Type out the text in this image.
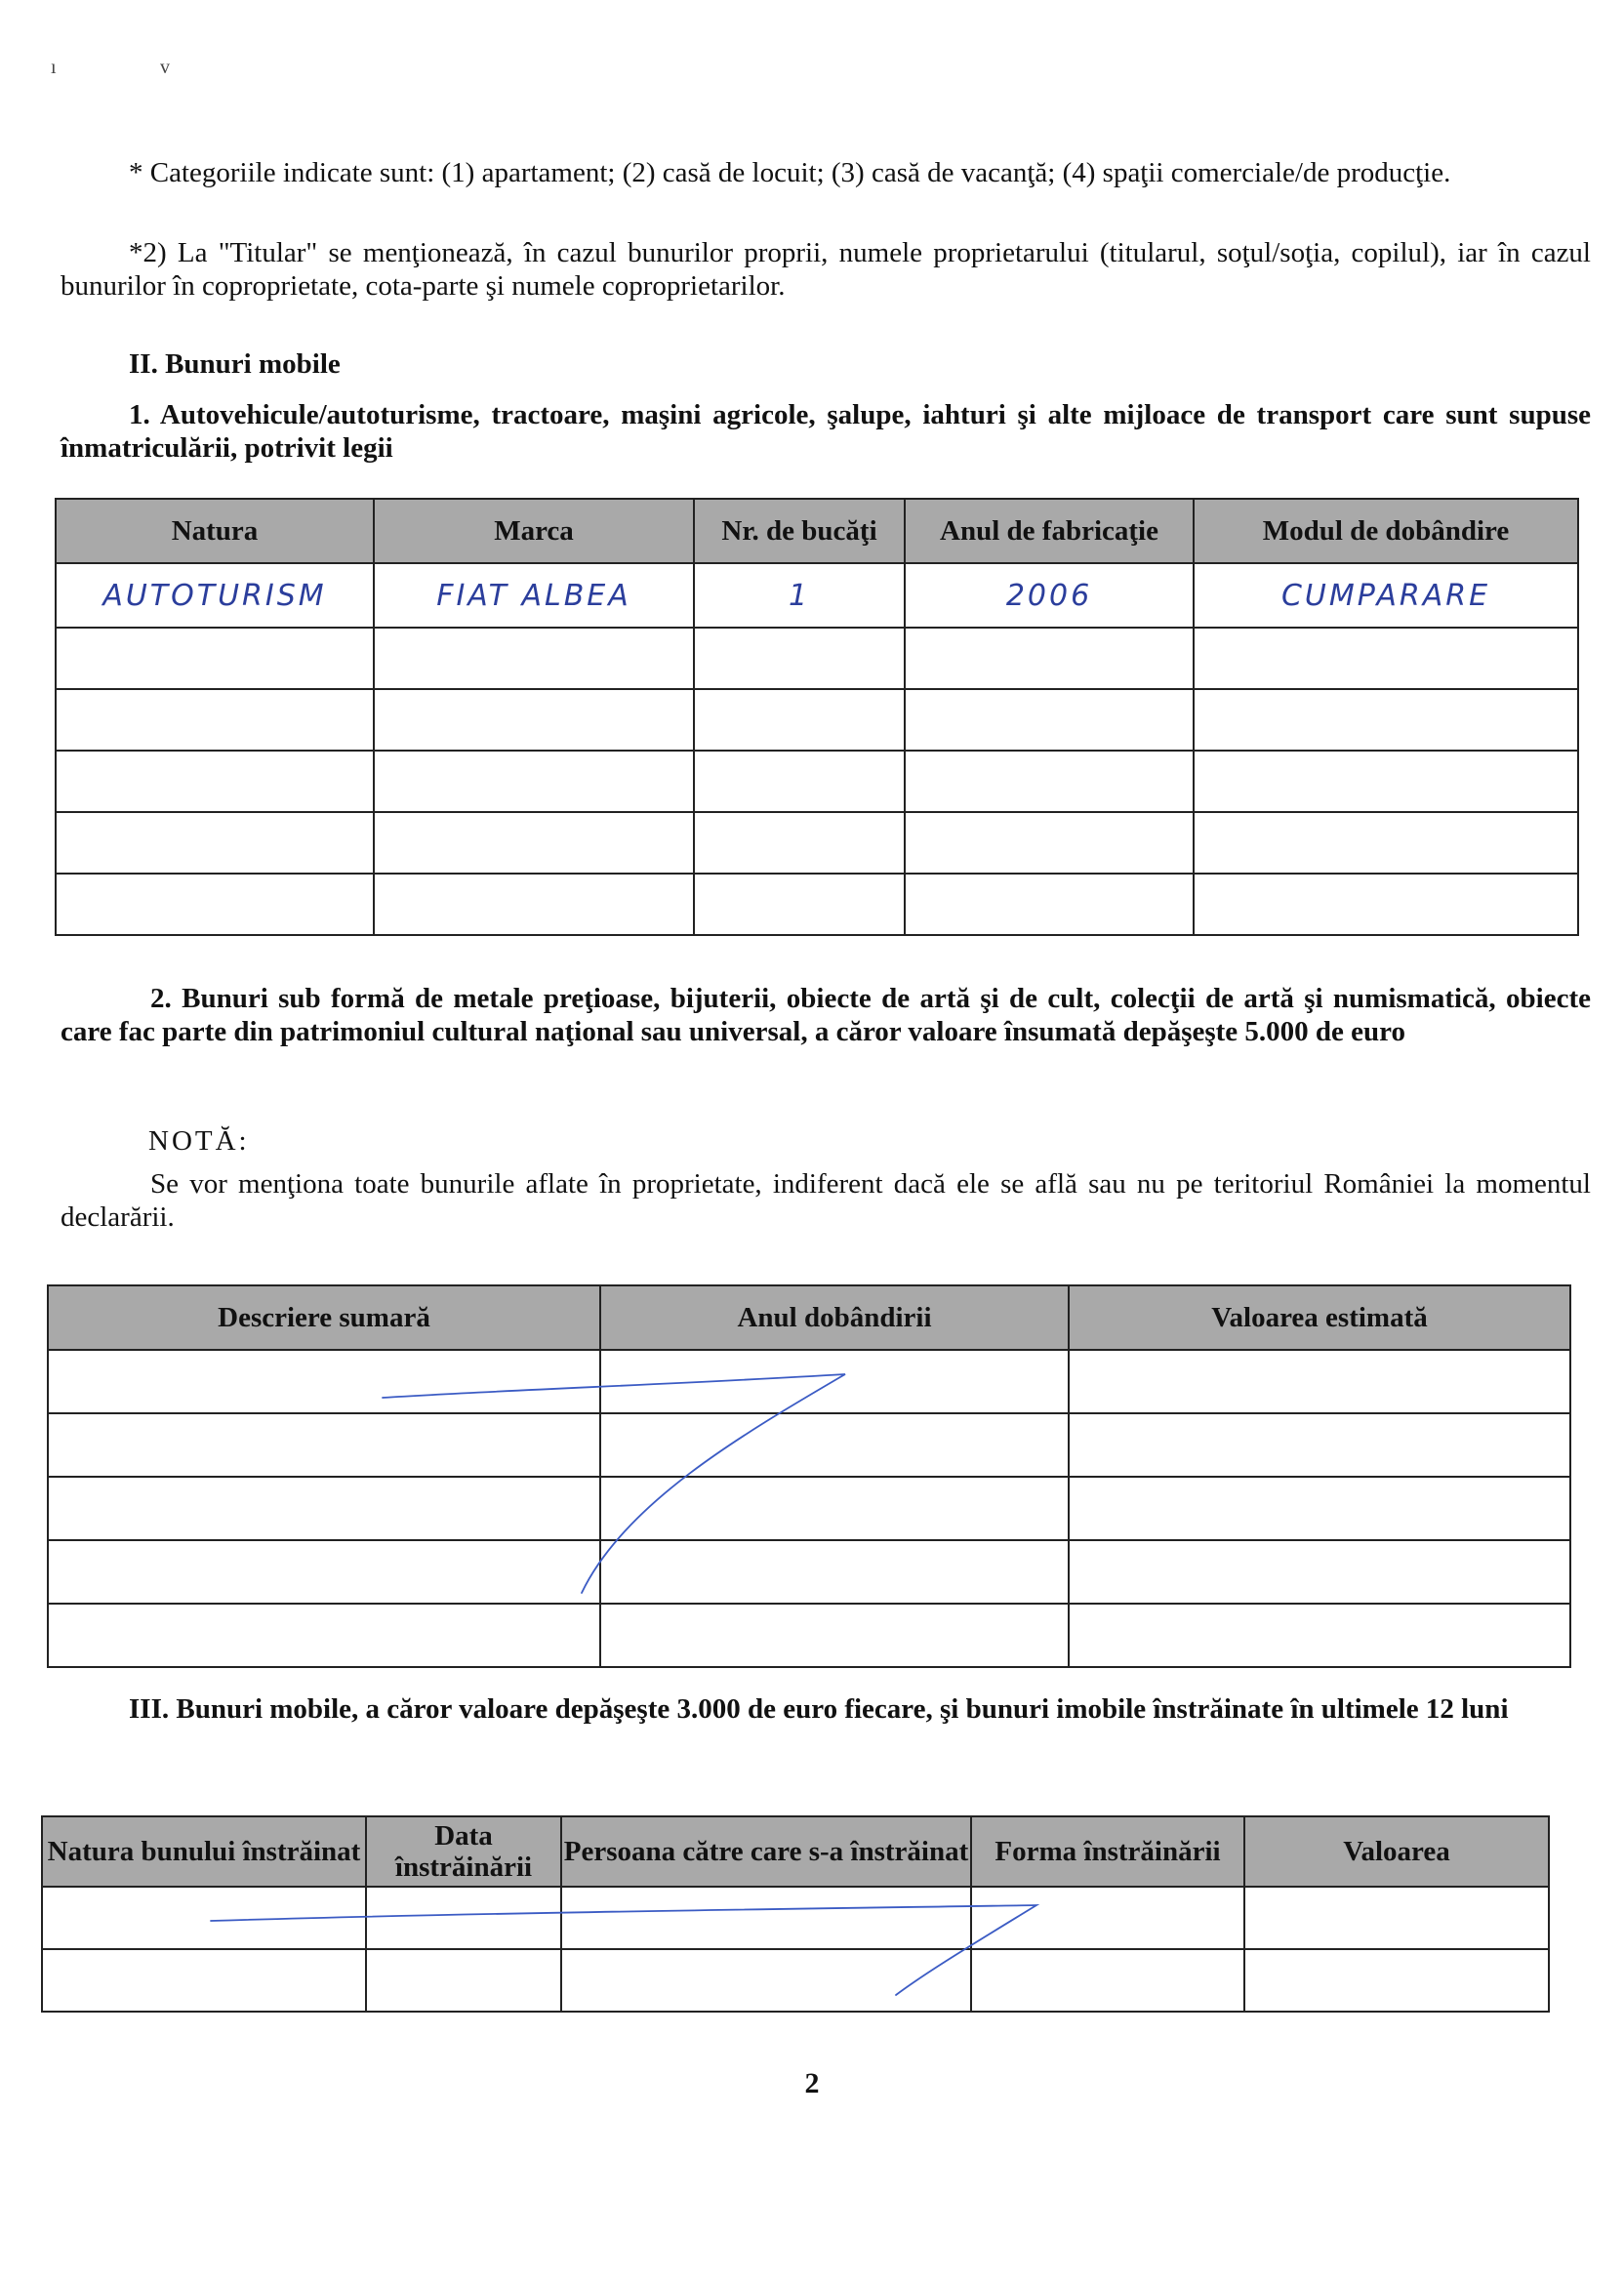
ı	v

* Categoriile indicate sunt: (1) apartament; (2) casă de locuit; (3) casă de vacanţă; (4) spaţii comerciale/de producţie.

*2) La "Titular" se menţionează, în cazul bunurilor proprii, numele proprietarului (titularul, soţul/soţia, copilul), iar în cazul bunurilor în coproprietate, cota-parte şi numele coproprietarilor.

II. Bunuri mobile

1. Autovehicule/autoturisme, tractoare, maşini agricole, şalupe, iahturi şi alte mijloace de transport care sunt supuse înmatriculării, potrivit legii

Natura	Marca	Nr. de bucăţi	Anul de fabricaţie	Modul de dobândire
AUTOTURISM	FIAT ALBEA	1	2006	CUMPARARE

2. Bunuri sub formă de metale preţioase, bijuterii, obiecte de artă şi de cult, colecţii de artă şi numismatică, obiecte care fac parte din patrimoniul cultural naţional sau universal, a căror valoare însumată depăşeşte 5.000 de euro

NOTĂ:

Se vor menţiona toate bunurile aflate în proprietate, indiferent dacă ele se află sau nu pe teritoriul României la momentul declarării.

Descriere sumară	Anul dobândirii	Valoarea estimată

III. Bunuri mobile, a căror valoare depăşeşte 3.000 de euro fiecare, şi bunuri imobile înstrăinate în ultimele 12 luni

Natura bunului înstrăinat	Data înstrăinării	Persoana către care s-a înstrăinat	Forma înstrăinării	Valoarea

2
